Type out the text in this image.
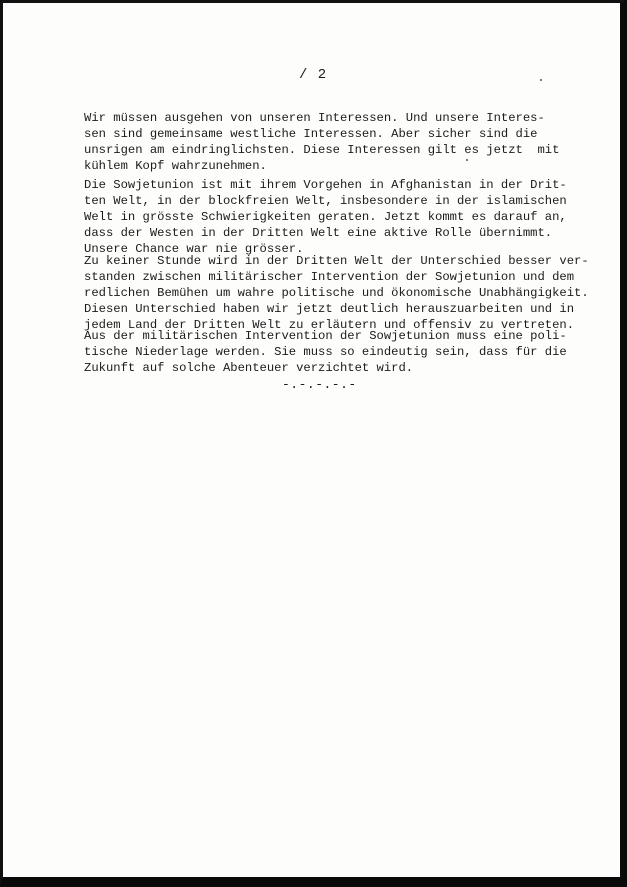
/ 2

Wir müssen ausgehen von unseren Interessen. Und unsere Interes-
sen sind gemeinsame westliche Interessen. Aber sicher sind die
unsrigen am eindringlichsten. Diese Interessen gilt es jetzt  mit
kühlem Kopf wahrzunehmen.

Die Sowjetunion ist mit ihrem Vorgehen in Afghanistan in der Drit-
ten Welt, in der blockfreien Welt, insbesondere in der islamischen
Welt in grösste Schwierigkeiten geraten. Jetzt kommt es darauf an,
dass der Westen in der Dritten Welt eine aktive Rolle übernimmt.
Unsere Chance war nie grösser.

Zu keiner Stunde wird in der Dritten Welt der Unterschied besser ver-
standen zwischen militärischer Intervention der Sowjetunion und dem
redlichen Bemühen um wahre politische und ökonomische Unabhängigkeit.
Diesen Unterschied haben wir jetzt deutlich herauszuarbeiten und in
jedem Land der Dritten Welt zu erläutern und offensiv zu vertreten.

Aus der militärischen Intervention der Sowjetunion muss eine poli-
tische Niederlage werden. Sie muss so eindeutig sein, dass für die
Zukunft auf solche Abenteuer verzichtet wird.

-.-.-.-.-
